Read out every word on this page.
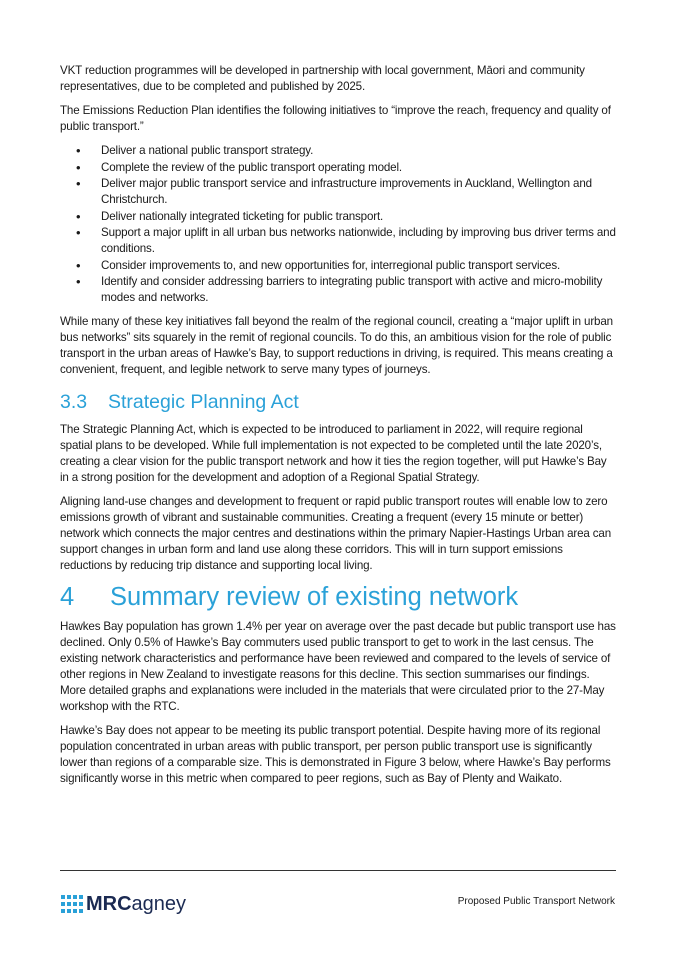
VKT reduction programmes will be developed in partnership with local government, Māori and community representatives, due to be completed and published by 2025.

The Emissions Reduction Plan identifies the following initiatives to “improve the reach, frequency and quality of public transport.”

• Deliver a national public transport strategy.
• Complete the review of the public transport operating model.
• Deliver major public transport service and infrastructure improvements in Auckland, Wellington and Christchurch.
• Deliver nationally integrated ticketing for public transport.
• Support a major uplift in all urban bus networks nationwide, including by improving bus driver terms and conditions.
• Consider improvements to, and new opportunities for, interregional public transport services.
• Identify and consider addressing barriers to integrating public transport with active and micro-mobility modes and networks.

While many of these key initiatives fall beyond the realm of the regional council, creating a “major uplift in urban bus networks” sits squarely in the remit of regional councils. To do this, an ambitious vision for the role of public transport in the urban areas of Hawke’s Bay, to support reductions in driving, is required. This means creating a convenient, frequent, and legible network to serve many types of journeys.

3.3 Strategic Planning Act

The Strategic Planning Act, which is expected to be introduced to parliament in 2022, will require regional spatial plans to be developed. While full implementation is not expected to be completed until the late 2020’s, creating a clear vision for the public transport network and how it ties the region together, will put Hawke’s Bay in a strong position for the development and adoption of a Regional Spatial Strategy.

Aligning land-use changes and development to frequent or rapid public transport routes will enable low to zero emissions growth of vibrant and sustainable communities. Creating a frequent (every 15 minute or better) network which connects the major centres and destinations within the primary Napier-Hastings Urban area can support changes in urban form and land use along these corridors. This will in turn support emissions reductions by reducing trip distance and supporting local living.

4 Summary review of existing network

Hawkes Bay population has grown 1.4% per year on average over the past decade but public transport use has declined. Only 0.5% of Hawke’s Bay commuters used public transport to get to work in the last census. The existing network characteristics and performance have been reviewed and compared to the levels of service of other regions in New Zealand to investigate reasons for this decline. This section summarises our findings. More detailed graphs and explanations were included in the materials that were circulated prior to the 27-May workshop with the RTC.

Hawke’s Bay does not appear to be meeting its public transport potential. Despite having more of its regional population concentrated in urban areas with public transport, per person public transport use is significantly lower than regions of a comparable size. This is demonstrated in Figure 3 below, where Hawke’s Bay performs significantly worse in this metric when compared to peer regions, such as Bay of Plenty and Waikato.

MRCagney	Proposed Public Transport Network
